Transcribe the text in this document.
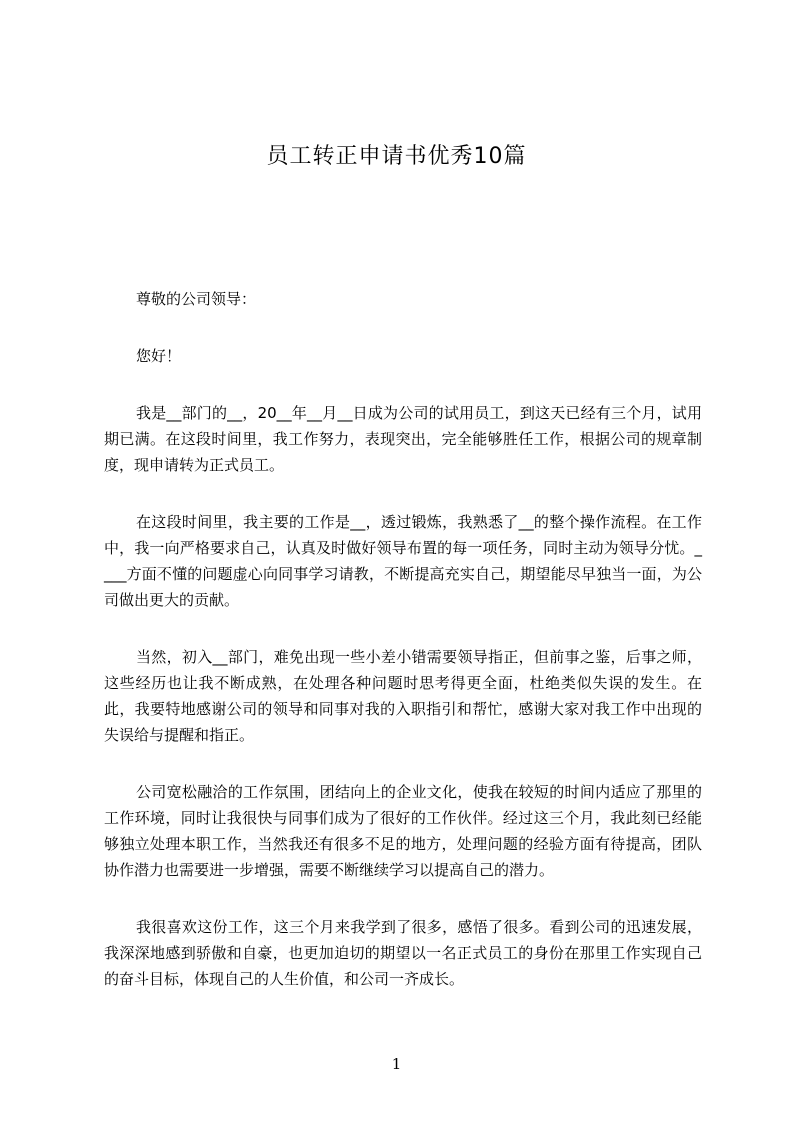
员工转正申请书优秀10篇

尊敬的公司领导：

您好！

我是__部门的__，20__年__月__日成为公司的试用员工，到这天已经有三个月，试用期已满。在这段时间里，我工作努力，表现突出，完全能够胜任工作，根据公司的规章制度，现申请转为正式员工。

在这段时间里，我主要的工作是__，透过锻炼，我熟悉了__的整个操作流程。在工作中，我一向严格要求自己，认真及时做好领导布置的每一项任务，同时主动为领导分忧。____方面不懂的问题虚心向同事学习请教，不断提高充实自己，期望能尽早独当一面，为公司做出更大的贡献。

当然，初入__部门，难免出现一些小差小错需要领导指正，但前事之鉴，后事之师，这些经历也让我不断成熟，在处理各种问题时思考得更全面，杜绝类似失误的发生。在此，我要特地感谢公司的领导和同事对我的入职指引和帮忙，感谢大家对我工作中出现的失误给与提醒和指正。

公司宽松融洽的工作氛围，团结向上的企业文化，使我在较短的时间内适应了那里的工作环境，同时让我很快与同事们成为了很好的工作伙伴。经过这三个月，我此刻已经能够独立处理本职工作，当然我还有很多不足的地方，处理问题的经验方面有待提高，团队协作潜力也需要进一步增强，需要不断继续学习以提高自己的潜力。

我很喜欢这份工作，这三个月来我学到了很多，感悟了很多。看到公司的迅速发展，我深深地感到骄傲和自豪，也更加迫切的期望以一名正式员工的身份在那里工作实现自己的奋斗目标，体现自己的人生价值，和公司一齐成长。

1
